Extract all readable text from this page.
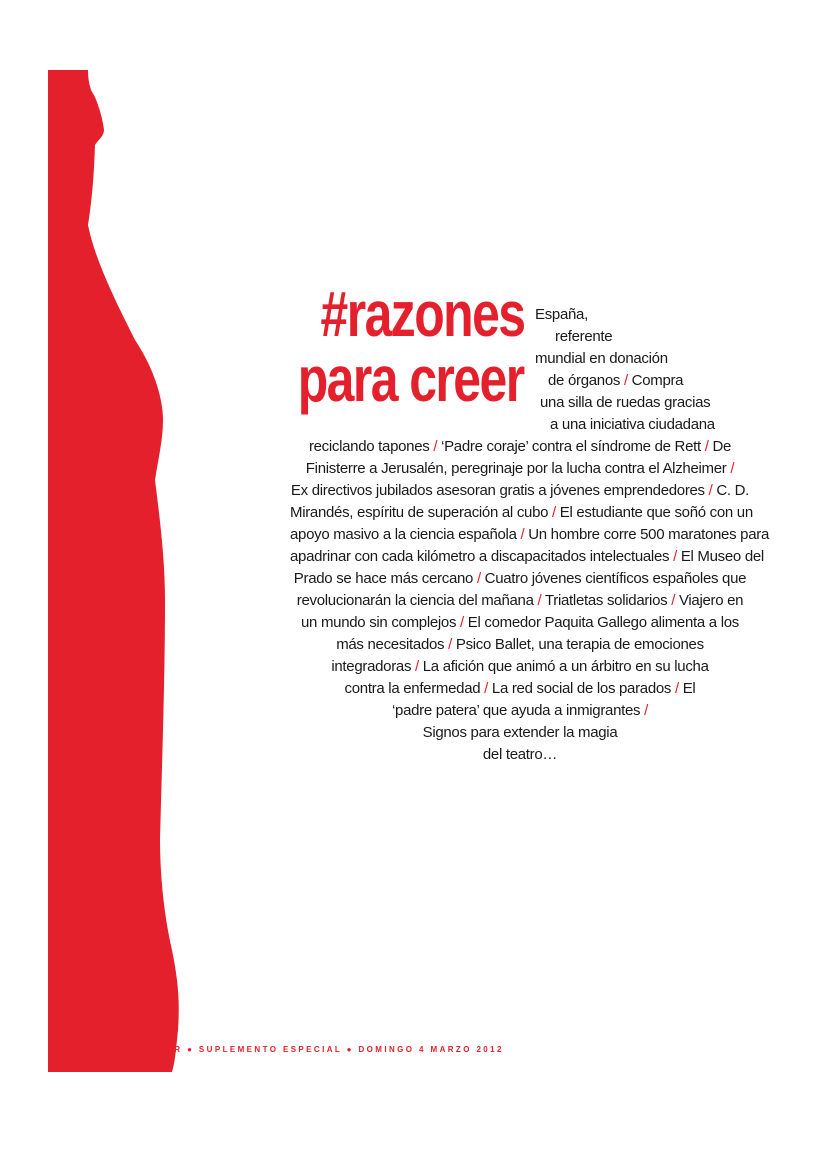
#razones
para creer
España,
referente
mundial en donación
de órganos / Compra
una silla de ruedas gracias
a una iniciativa ciudadana
reciclando tapones / ‘Padre coraje’ contra el síndrome de Rett / De
Finisterre a Jerusalén, peregrinaje por la lucha contra el Alzheimer /
Ex directivos jubilados asesoran gratis a jóvenes emprendedores / C. D.
Mirandés, espíritu de superación al cubo / El estudiante que soñó con un
apoyo masivo a la ciencia española / Un hombre corre 500 maratones para
apadrinar con cada kilómetro a discapacitados intelectuales / El Museo del
Prado se hace más cercano / Cuatro jóvenes científicos españoles que
revolucionarán la ciencia del mañana / Triatletas solidarios / Viajero en
un mundo sin complejos / El comedor Paquita Gallego alimenta a los
más necesitados / Psico Ballet, una terapia de emociones
integradoras / La afición que animó a un árbitro en su lucha
contra la enfermedad / La red social de los parados / El
‘padre patera’ que ayuda a inmigrantes /
Signos para extender la magia
del teatro…
#RAZONESPARACREER ● SUPLEMENTO ESPECIAL ● DOMINGO 4 MARZO 2012
